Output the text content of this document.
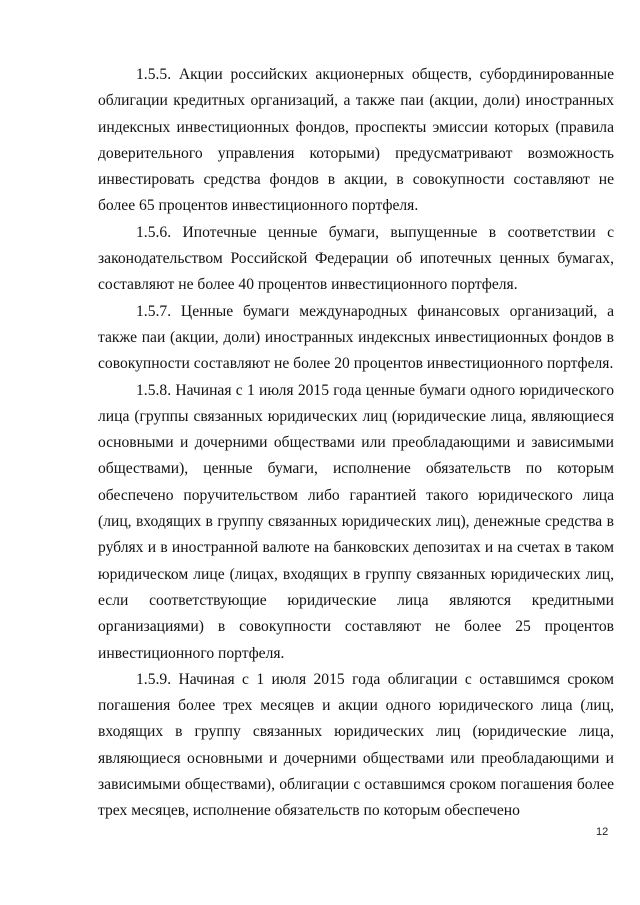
1.5.5. Акции российских акционерных обществ, субординированные облигации кредитных организаций, а также паи (акции, доли) иностранных индексных инвестиционных фондов, проспекты эмиссии которых (правила доверительного управления которыми) предусматривают возможность инвестировать средства фондов в акции, в совокупности составляют не более 65 процентов инвестиционного портфеля.

1.5.6. Ипотечные ценные бумаги, выпущенные в соответствии с законодательством Российской Федерации об ипотечных ценных бумагах, составляют не более 40 процентов инвестиционного портфеля.

1.5.7. Ценные бумаги международных финансовых организаций, а также паи (акции, доли) иностранных индексных инвестиционных фондов в совокупности составляют не более 20 процентов инвестиционного портфеля.

1.5.8. Начиная с 1 июля 2015 года ценные бумаги одного юридического лица (группы связанных юридических лиц (юридические лица, являющиеся основными и дочерними обществами или преобладающими и зависимыми обществами), ценные бумаги, исполнение обязательств по которым обеспечено поручительством либо гарантией такого юридического лица (лиц, входящих в группу связанных юридических лиц), денежные средства в рублях и в иностранной валюте на банковских депозитах и на счетах в таком юридическом лице (лицах, входящих в группу связанных юридических лиц, если соответствующие юридические лица являются кредитными организациями) в совокупности составляют не более 25 процентов инвестиционного портфеля.

1.5.9. Начиная с 1 июля 2015 года облигации с оставшимся сроком погашения более трех месяцев и акции одного юридического лица (лиц, входящих в группу связанных юридических лиц (юридические лица, являющиеся основными и дочерними обществами или преобладающими и зависимыми обществами), облигации с оставшимся сроком погашения более трех месяцев, исполнение обязательств по которым обеспечено

12
